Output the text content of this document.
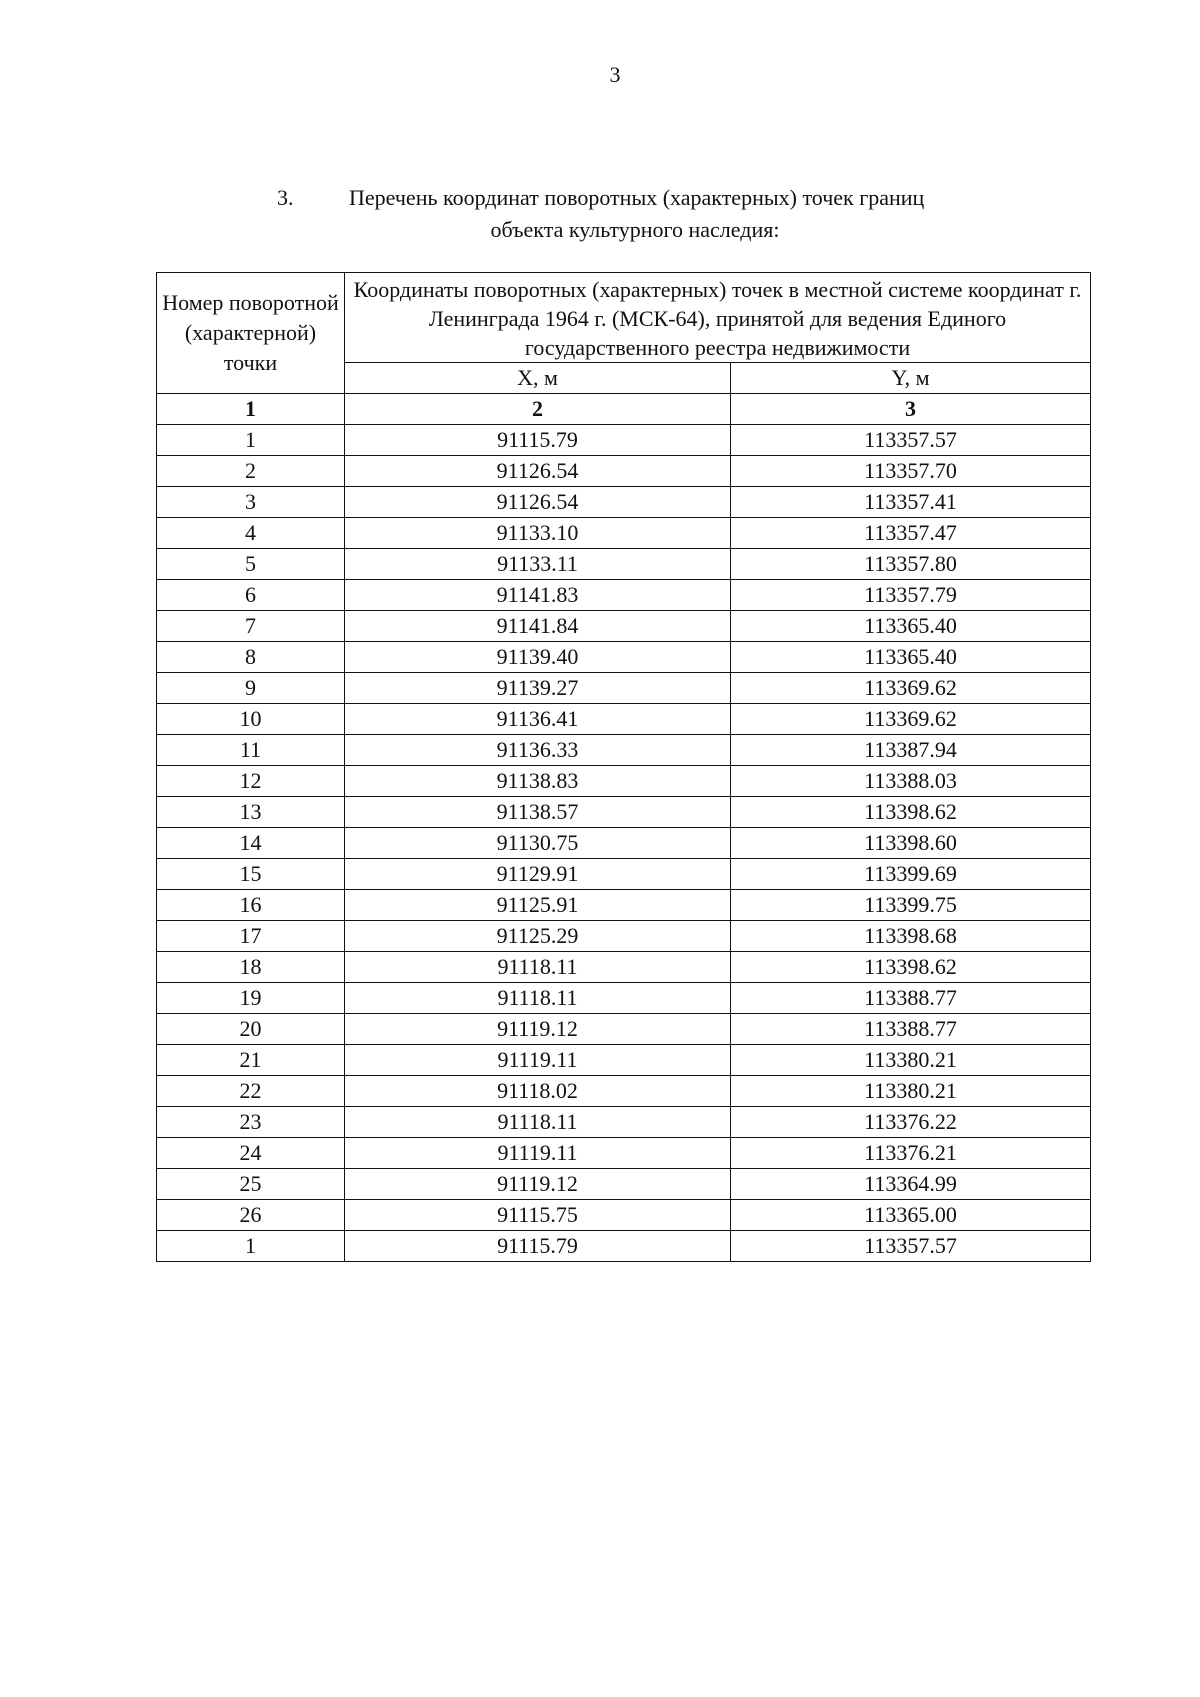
3
3.	Перечень координат поворотных (характерных) точек границ
объекта культурного наследия:
Номер поворотной (характерной) точки	Координаты поворотных (характерных) точек в местной системе координат г. Ленинграда 1964 г. (МСК-64), принятой для ведения Единого государственного реестра недвижимости	
	X, м	Y, м
1	2	3
1	91115.79	113357.57
2	91126.54	113357.70
3	91126.54	113357.41
4	91133.10	113357.47
5	91133.11	113357.80
6	91141.83	113357.79
7	91141.84	113365.40
8	91139.40	113365.40
9	91139.27	113369.62
10	91136.41	113369.62
11	91136.33	113387.94
12	91138.83	113388.03
13	91138.57	113398.62
14	91130.75	113398.60
15	91129.91	113399.69
16	91125.91	113399.75
17	91125.29	113398.68
18	91118.11	113398.62
19	91118.11	113388.77
20	91119.12	113388.77
21	91119.11	113380.21
22	91118.02	113380.21
23	91118.11	113376.22
24	91119.11	113376.21
25	91119.12	113364.99
26	91115.75	113365.00
1	91115.79	113357.57
